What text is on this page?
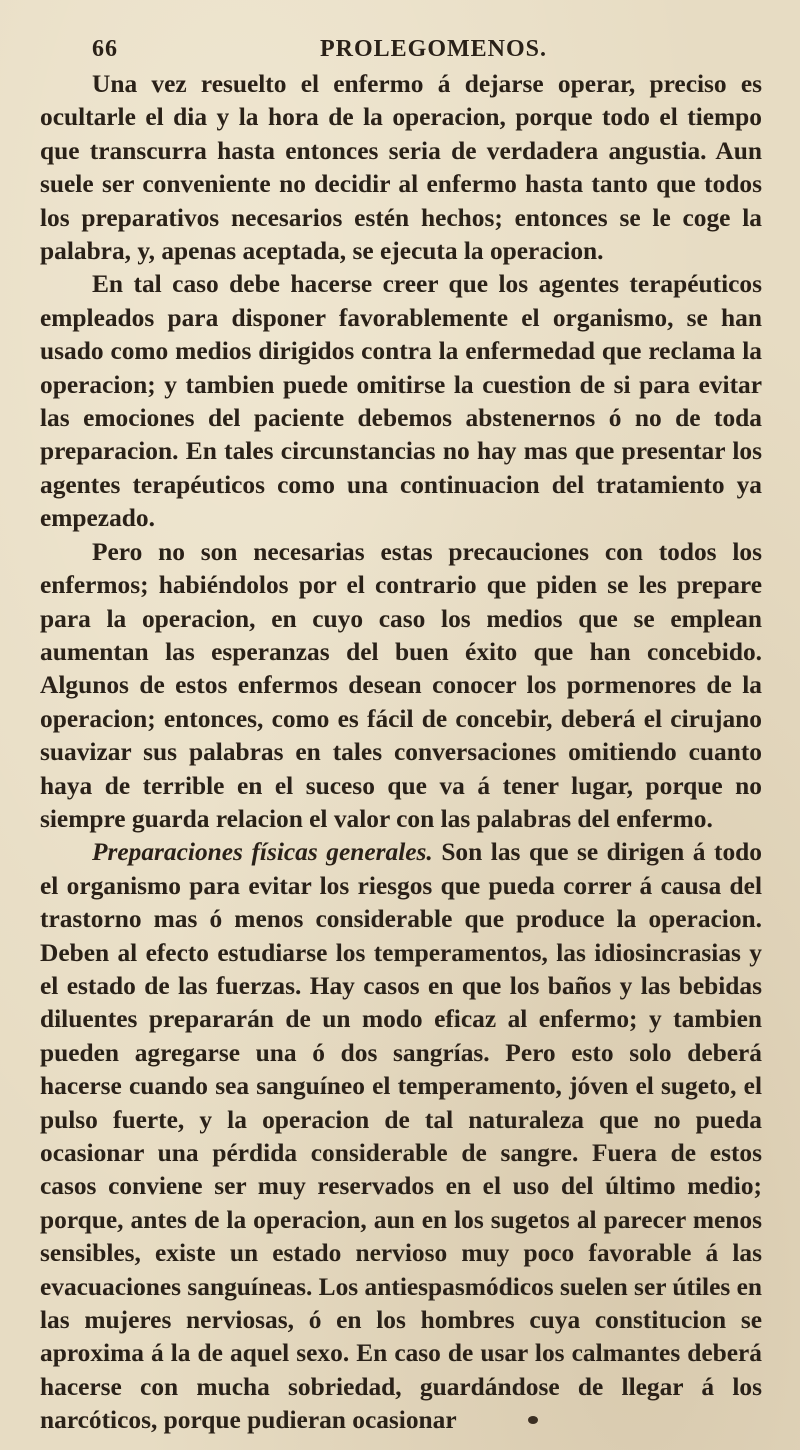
66	PROLEGOMENOS.

Una vez resuelto el enfermo á dejarse operar, preciso es ocultarle el dia y la hora de la operacion, porque todo el tiempo que transcurra hasta entonces seria de verdadera angustia. Aun suele ser conveniente no decidir al enfermo hasta tanto que todos los preparativos necesarios estén hechos; entonces se le coge la palabra, y, apenas aceptada, se ejecuta la operacion.

En tal caso debe hacerse creer que los agentes terapéuticos empleados para disponer favorablemente el organismo, se han usado como medios dirigidos contra la enfermedad que reclama la operacion; y tambien puede omitirse la cuestion de si para evitar las emociones del paciente debemos abstenernos ó no de toda preparacion. En tales circunstancias no hay mas que presentar los agentes terapéuticos como una continuacion del tratamiento ya empezado.

Pero no son necesarias estas precauciones con todos los enfermos; habiéndolos por el contrario que piden se les prepare para la operacion, en cuyo caso los medios que se emplean aumentan las esperanzas del buen éxito que han concebido. Algunos de estos enfermos desean conocer los pormenores de la operacion; entonces, como es fácil de concebir, deberá el cirujano suavizar sus palabras en tales conversaciones omitiendo cuanto haya de terrible en el suceso que va á tener lugar, porque no siempre guarda relacion el valor con las palabras del enfermo.

Preparaciones físicas generales. Son las que se dirigen á todo el organismo para evitar los riesgos que pueda correr á causa del trastorno mas ó menos considerable que produce la operacion. Deben al efecto estudiarse los temperamentos, las idiosincrasias y el estado de las fuerzas. Hay casos en que los baños y las bebidas diluentes prepararán de un modo eficaz al enfermo; y tambien pueden agregarse una ó dos sangrías. Pero esto solo deberá hacerse cuando sea sanguíneo el temperamento, jóven el sugeto, el pulso fuerte, y la operacion de tal naturaleza que no pueda ocasionar una pérdida considerable de sangre. Fuera de estos casos conviene ser muy reservados en el uso del último medio; porque, antes de la operacion, aun en los sugetos al parecer menos sensibles, existe un estado nervioso muy poco favorable á las evacuaciones sanguíneas. Los antiespasmódicos suelen ser útiles en las mujeres nerviosas, ó en los hombres cuya constitucion se aproxima á la de aquel sexo. En caso de usar los calmantes deberá hacerse con mucha sobriedad, guardándose de llegar á los narcóticos, porque pudieran ocasionar
